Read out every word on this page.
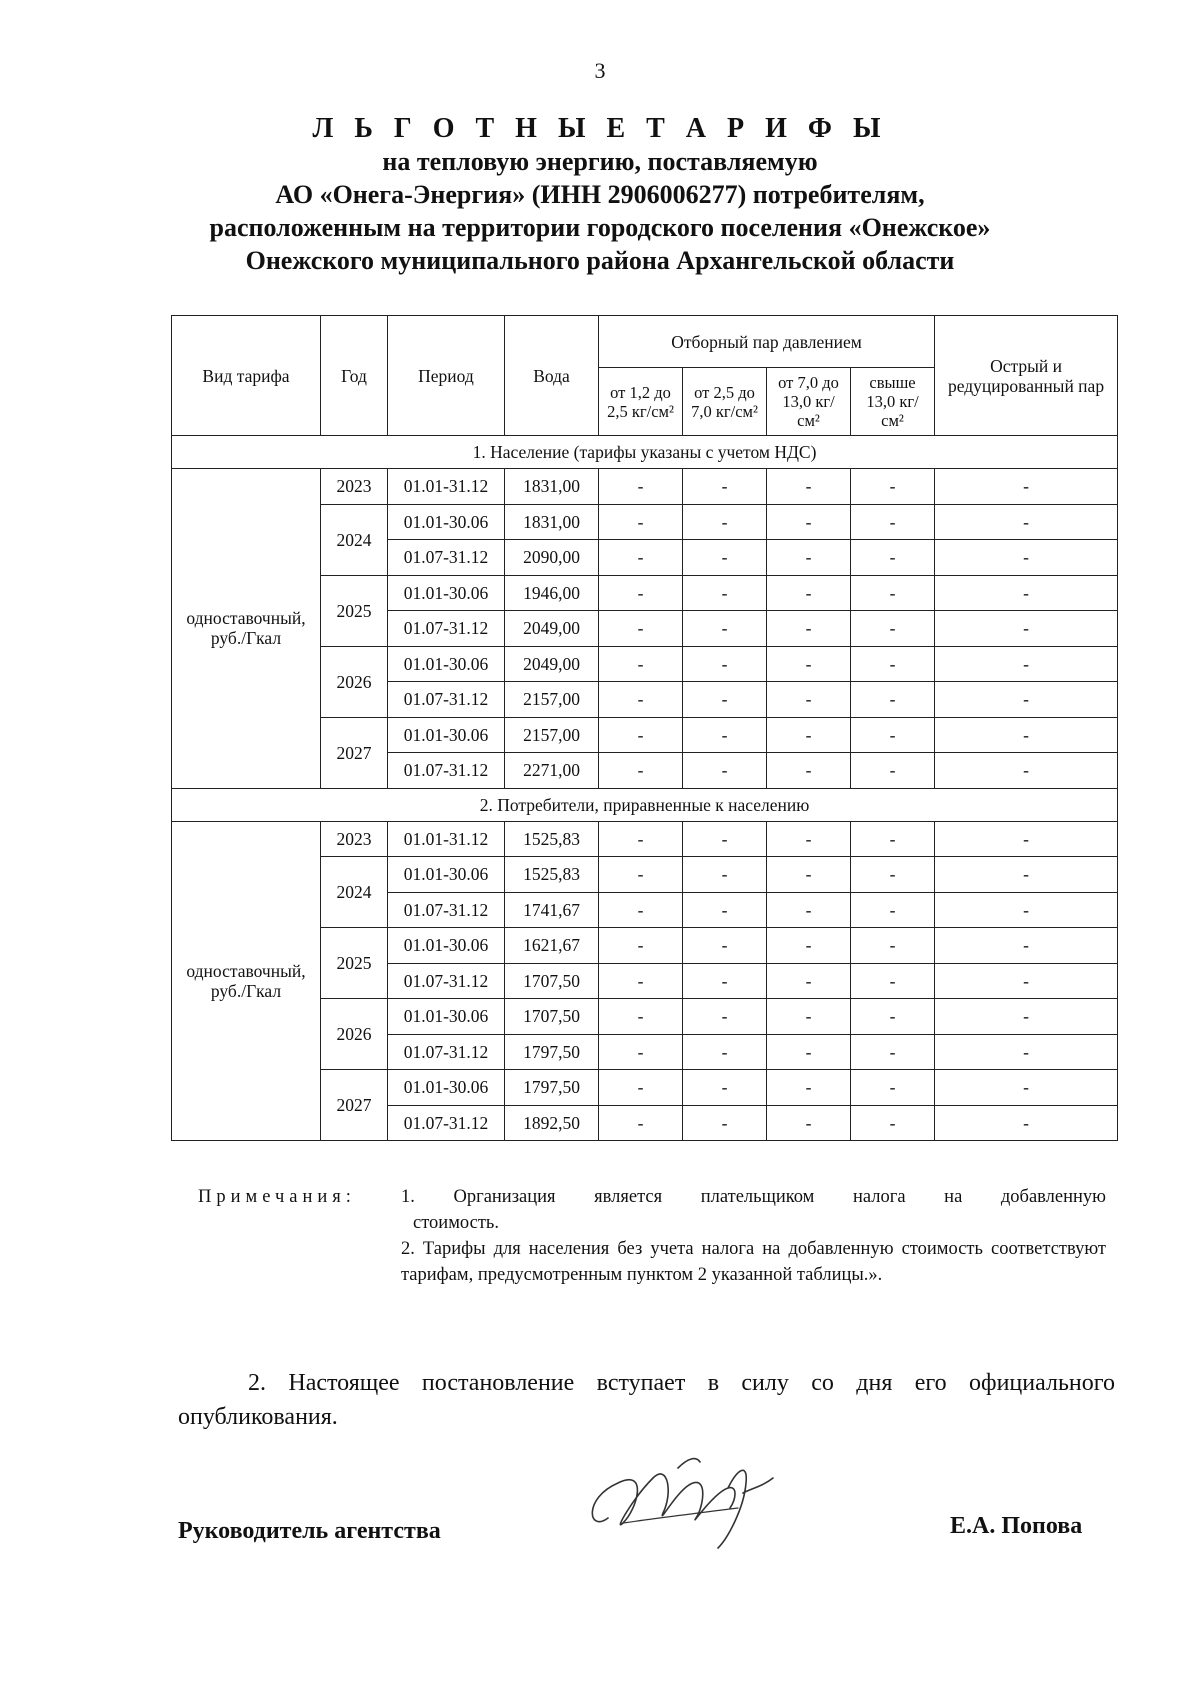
3
Л Ь Г О Т Н Ы Е Т А Р И Ф Ы
на тепловую энергию, поставляемую
АО «Онега-Энергия» (ИНН 2906006277) потребителям,
расположенным на территории городского поселения «Онежское»
Онежского муниципального района Архангельской области
Вид тарифа	Год	Период	Вода	Отборный пар давлением				Острый и редуцированный пар
				от 1,2 до 2,5 кг/см²	от 2,5 до 7,0 кг/см²	от 7,0 до 13,0 кг/см²	свыше 13,0 кг/см²	
1. Население (тарифы указаны с учетом НДС)								
одноставочный, руб./Гкал	2023	01.01-31.12	1831,00	-	-	-	-	-
	2024	01.01-30.06	1831,00	-	-	-	-	-
		01.07-31.12	2090,00	-	-	-	-	-
	2025	01.01-30.06	1946,00	-	-	-	-	-
		01.07-31.12	2049,00	-	-	-	-	-
	2026	01.01-30.06	2049,00	-	-	-	-	-
		01.07-31.12	2157,00	-	-	-	-	-
	2027	01.01-30.06	2157,00	-	-	-	-	-
		01.07-31.12	2271,00	-	-	-	-	-
2. Потребители, приравненные к населению								
одноставочный, руб./Гкал	2023	01.01-31.12	1525,83	-	-	-	-	-
	2024	01.01-30.06	1525,83	-	-	-	-	-
		01.07-31.12	1741,67	-	-	-	-	-
	2025	01.01-30.06	1621,67	-	-	-	-	-
		01.07-31.12	1707,50	-	-	-	-	-
	2026	01.01-30.06	1707,50	-	-	-	-	-
		01.07-31.12	1797,50	-	-	-	-	-
	2027	01.01-30.06	1797,50	-	-	-	-	-
		01.07-31.12	1892,50	-	-	-	-	-
Примечания: 1. Организация является плательщиком налога на добавленную
стоимость.
2. Тарифы для населения без учета налога на добавленную стоимость соответствуют тарифам, предусмотренным пунктом 2 указанной таблицы.».
2. Настоящее постановление вступает в силу со дня его официального опубликования.
Руководитель агентства	Е.А. Попова
